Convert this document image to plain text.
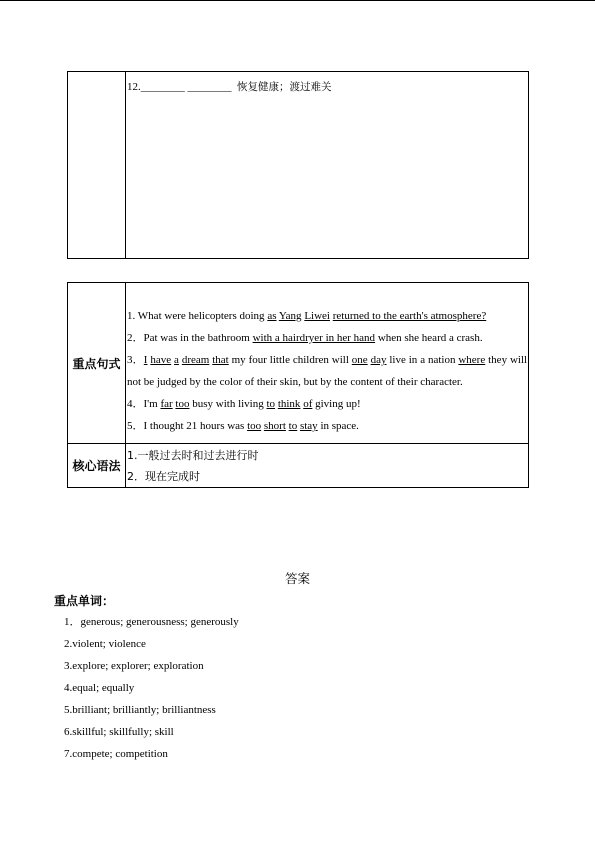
	12.________ ________ 恢复健康；渡过难关
重点句式	1. What were helicopters doing as Yang Liwei returned to the earth's atmosphere?

2．Pat was in the bathroom with a hairdryer in her hand when she heard a crash.

3．I have a dream that my four little children will one day live in a nation where they will not be judged by the color of their skin, but by the content of their character.

4．I'm far too busy with living to think of giving up!

5．I thought 21 hours was too short to stay in space.

核心语法	1.一般过去时和过去进行时

2．现在完成时

答案
重点单词：
1．generous; generousness; generously
2.violent; violence
3.explore; explorer; exploration
4.equal; equally
5.brilliant; brilliantly; brilliantness
6.skillful; skillfully; skill
7.compete; competition
